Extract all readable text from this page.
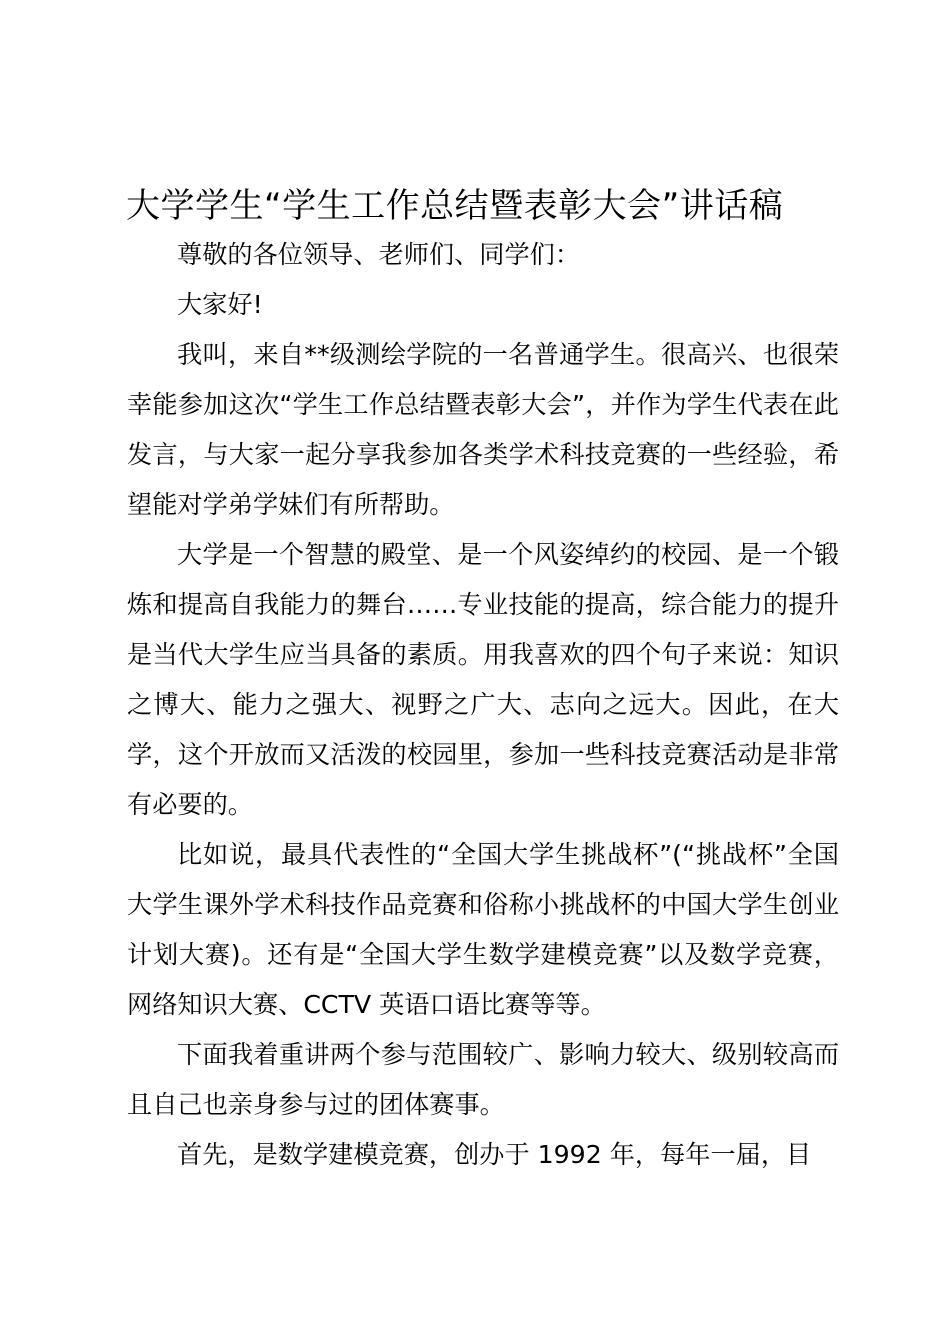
大学学生“学生工作总结暨表彰大会”讲话稿

尊敬的各位领导、老师们、同学们：

大家好!

我叫，来自**级测绘学院的一名普通学生。很高兴、也很荣幸能参加这次“学生工作总结暨表彰大会”，并作为学生代表在此发言，与大家一起分享我参加各类学术科技竞赛的一些经验，希望能对学弟学妹们有所帮助。

大学是一个智慧的殿堂、是一个风姿绰约的校园、是一个锻炼和提高自我能力的舞台……专业技能的提高，综合能力的提升是当代大学生应当具备的素质。用我喜欢的四个句子来说：知识之博大、能力之强大、视野之广大、志向之远大。因此，在大学，这个开放而又活泼的校园里，参加一些科技竞赛活动是非常有必要的。

比如说，最具代表性的“全国大学生挑战杯”(“挑战杯”全国大学生课外学术科技作品竞赛和俗称小挑战杯的中国大学生创业计划大赛)。还有是“全国大学生数学建模竞赛”以及数学竞赛，网络知识大赛、CCTV 英语口语比赛等等。

下面我着重讲两个参与范围较广、影响力较大、级别较高而且自己也亲身参与过的团体赛事。

首先，是数学建模竞赛，创办于 1992 年，每年一届，目
